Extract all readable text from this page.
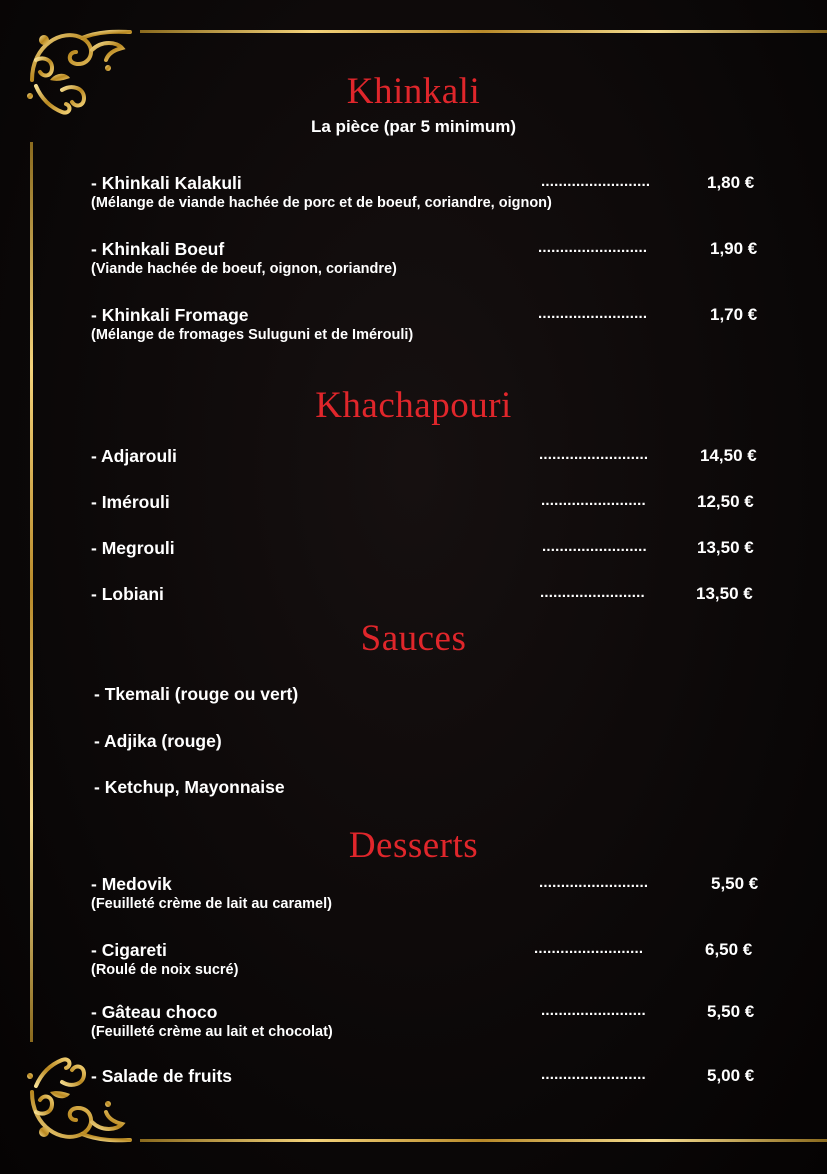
Khinkali
La pièce (par 5 minimum)
- Khinkali Kalakuli
(Mélange de viande hachée de porc et de boeuf, coriandre, oignon)
.........................	1,80 €
- Khinkali Boeuf
(Viande hachée de boeuf, oignon, coriandre)
.........................	1,90 €
- Khinkali Fromage
(Mélange de fromages Suluguni et de Imérouli)
.........................	1,70 €
Khachapouri
- Adjarouli	.........................	14,50 €
- Imérouli	........................	12,50 €
- Megrouli	........................	13,50 €
- Lobiani	........................	13,50 €
Sauces
- Tkemali (rouge ou vert)
- Adjika (rouge)
- Ketchup, Mayonnaise
Desserts
- Medovik
(Feuilleté crème de lait au caramel)
.........................	5,50 €
- Cigareti
(Roulé de noix sucré)
.........................	6,50 €
- Gâteau choco
(Feuilleté crème au lait et chocolat)
........................	5,50 €
- Salade de fruits	........................	5,00 €
